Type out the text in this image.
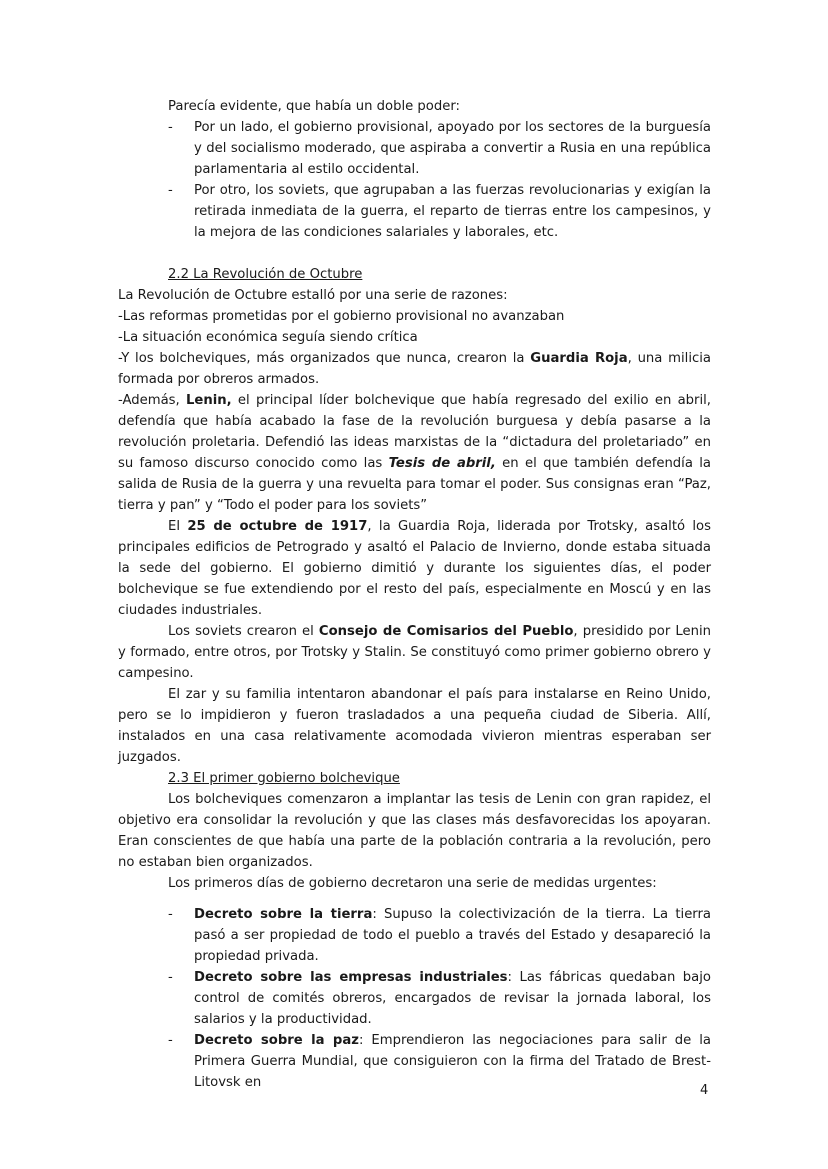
Parecía evidente, que había un doble poder:

- Por un lado, el gobierno provisional, apoyado por los sectores de la burguesía y del socialismo moderado, que aspiraba a convertir a Rusia en una república parlamentaria al estilo occidental.
- Por otro, los soviets, que agrupaban a las fuerzas revolucionarias y exigían la retirada inmediata de la guerra, el reparto de tierras entre los campesinos, y la mejora de las condiciones salariales y laborales, etc.

2.2 La Revolución de Octubre

La Revolución de Octubre estalló por una serie de razones:

-Las reformas prometidas por el gobierno provisional no avanzaban

-La situación económica seguía siendo crítica

-Y los bolcheviques, más organizados que nunca, crearon la Guardia Roja, una milicia formada por obreros armados.

-Además, Lenin, el principal líder bolchevique que había regresado del exilio en abril, defendía que había acabado la fase de la revolución burguesa y debía pasarse a la revolución proletaria. Defendió las ideas marxistas de la “dictadura del proletariado” en su famoso discurso conocido como las Tesis de abril, en el que también defendía la salida de Rusia de la guerra y una revuelta para tomar el poder. Sus consignas eran “Paz, tierra y pan” y “Todo el poder para los soviets”

El 25 de octubre de 1917, la Guardia Roja, liderada por Trotsky, asaltó los principales edificios de Petrogrado y asaltó el Palacio de Invierno, donde estaba situada la sede del gobierno. El gobierno dimitió y durante los siguientes días, el poder bolchevique se fue extendiendo por el resto del país, especialmente en Moscú y en las ciudades industriales.

Los soviets crearon el Consejo de Comisarios del Pueblo, presidido por Lenin y formado, entre otros, por Trotsky y Stalin. Se constituyó como primer gobierno obrero y campesino.

El zar y su familia intentaron abandonar el país para instalarse en Reino Unido, pero se lo impidieron y fueron trasladados a una pequeña ciudad de Siberia. Allí, instalados en una casa relativamente acomodada vivieron mientras esperaban ser juzgados.

2.3 El primer gobierno bolchevique

Los bolcheviques comenzaron a implantar las tesis de Lenin con gran rapidez, el objetivo era consolidar la revolución y que las clases más desfavorecidas los apoyaran. Eran conscientes de que había una parte de la población contraria a la revolución, pero no estaban bien organizados.

Los primeros días de gobierno decretaron una serie de medidas urgentes:

- Decreto sobre la tierra: Supuso la colectivización de la tierra. La tierra pasó a ser propiedad de todo el pueblo a través del Estado y desapareció la propiedad privada.
- Decreto sobre las empresas industriales: Las fábricas quedaban bajo control de comités obreros, encargados de revisar la jornada laboral, los salarios y la productividad.
- Decreto sobre la paz: Emprendieron las negociaciones para salir de la Primera Guerra Mundial, que consiguieron con la firma del Tratado de Brest-Litovsk en
4
